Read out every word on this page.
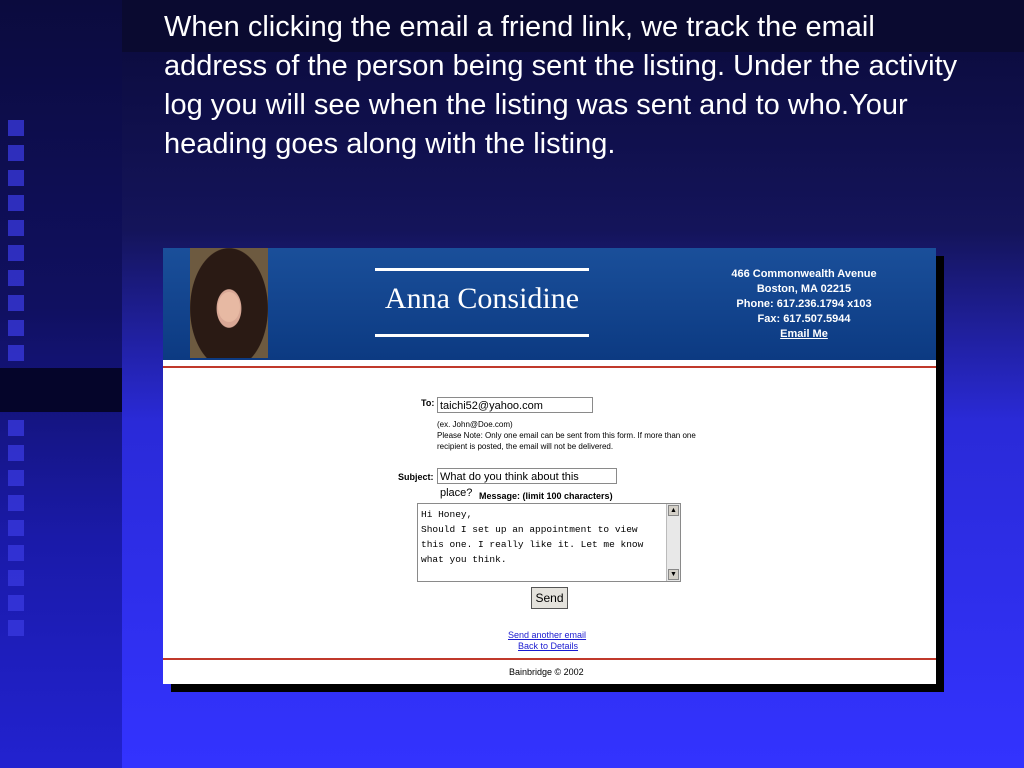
When clicking the email a friend link, we track the email address of the person being sent the listing. Under the activity log you will see when the listing was sent and to who.Your heading goes along with the listing.
Anna Considine
466 Commonwealth Avenue
Boston, MA 02215
Phone: 617.236.1794 x103
Fax: 617.507.5944
Email Me
To: taichi52@yahoo.com
(ex. John@Doe.com)
Please Note: Only one email can be sent from this form. If more than one recipient is posted, the email will not be delivered.
Subject: What do you think about this place? Message: (limit 100 characters)
Hi Honey,
Should I set up an appointment to view this one. I really like it. Let me know what you think.
▲
▼
Send
Send another email
Back to Details
Bainbridge © 2002
